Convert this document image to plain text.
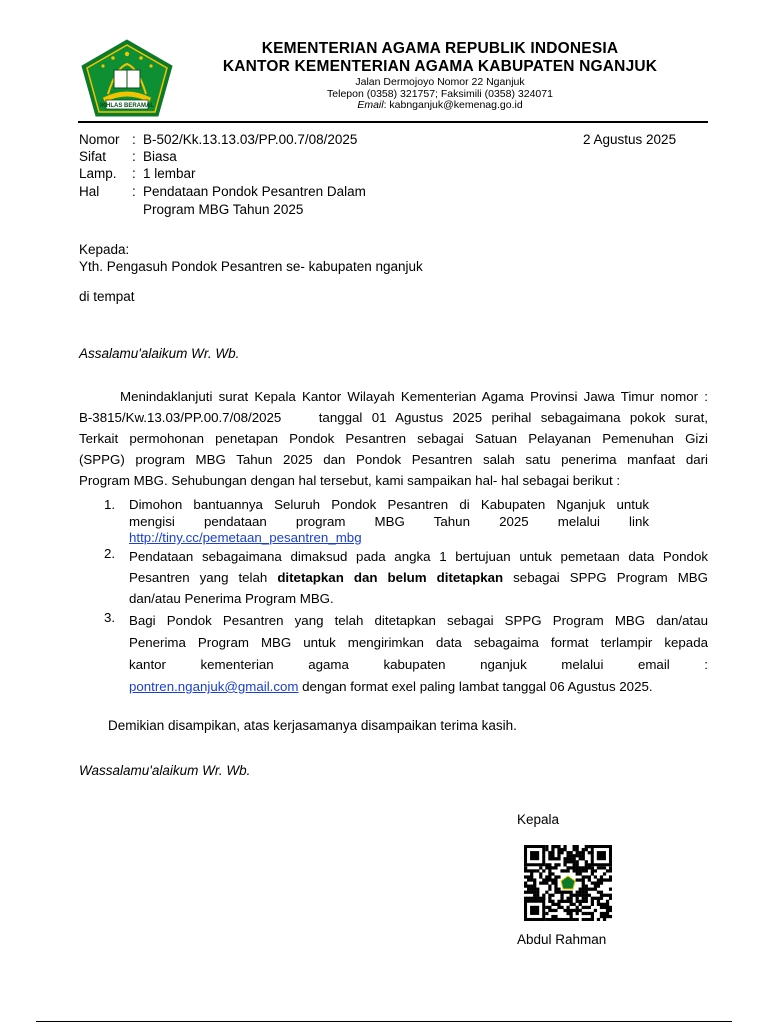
IKHLAS BERAMAL
KEMENTERIAN AGAMA REPUBLIK INDONESIA
KANTOR KEMENTERIAN AGAMA KABUPATEN NGANJUK
Jalan Dermojoyo Nomor 22 Nganjuk
Telepon (0358) 321757; Faksimili (0358) 324071
Email: kabnganjuk@kemenag.go.id
Nomor : B-502/Kk.13.13.03/PP.00.7/08/2025	2 Agustus 2025
Sifat : Biasa
Lamp. : 1 lembar
Hal : Pendataan Pondok Pesantren Dalam
Program MBG Tahun 2025
Kepada:
Yth. Pengasuh Pondok Pesantren se- kabupaten nganjuk
di tempat
Assalamu'alaikum Wr. Wb.
Menindaklanjuti surat Kepala Kantor Wilayah Kementerian Agama Provinsi Jawa Timur nomor :
B-3815/Kw.13.03/PP.00.7/08/2025    tanggal 01 Agustus 2025 perihal sebagaimana pokok surat,
Terkait permohonan penetapan Pondok Pesantren sebagai Satuan Pelayanan Pemenuhan Gizi
(SPPG) program MBG Tahun 2025 dan Pondok Pesantren salah satu penerima manfaat dari
Program MBG. Sehubungan dengan hal tersebut, kami sampaikan hal- hal sebagai berikut :
1. Dimohon bantuannya Seluruh Pondok Pesantren di Kabupaten Nganjuk untuk
mengisi pendataan program MBG Tahun 2025 melalui link
http://tiny.cc/pemetaan_pesantren_mbg
2. Pendataan sebagaimana dimaksud pada angka 1 bertujuan untuk pemetaan data Pondok
Pesantren yang telah ditetapkan dan belum ditetapkan sebagai SPPG Program MBG
dan/atau Penerima Program MBG.
3. Bagi Pondok Pesantren yang telah ditetapkan sebagai SPPG Program MBG dan/atau
Penerima Program MBG untuk mengirimkan data sebagaima format terlampir kepada
kantor kementerian agama kabupaten nganjuk melalui email :
pontren.nganjuk@gmail.com dengan format exel paling lambat tanggal 06 Agustus 2025.
Demikian disampikan, atas kerjasamanya disampaikan terima kasih.
Wassalamu'alaikum Wr. Wb.
Kepala
Abdul Rahman
